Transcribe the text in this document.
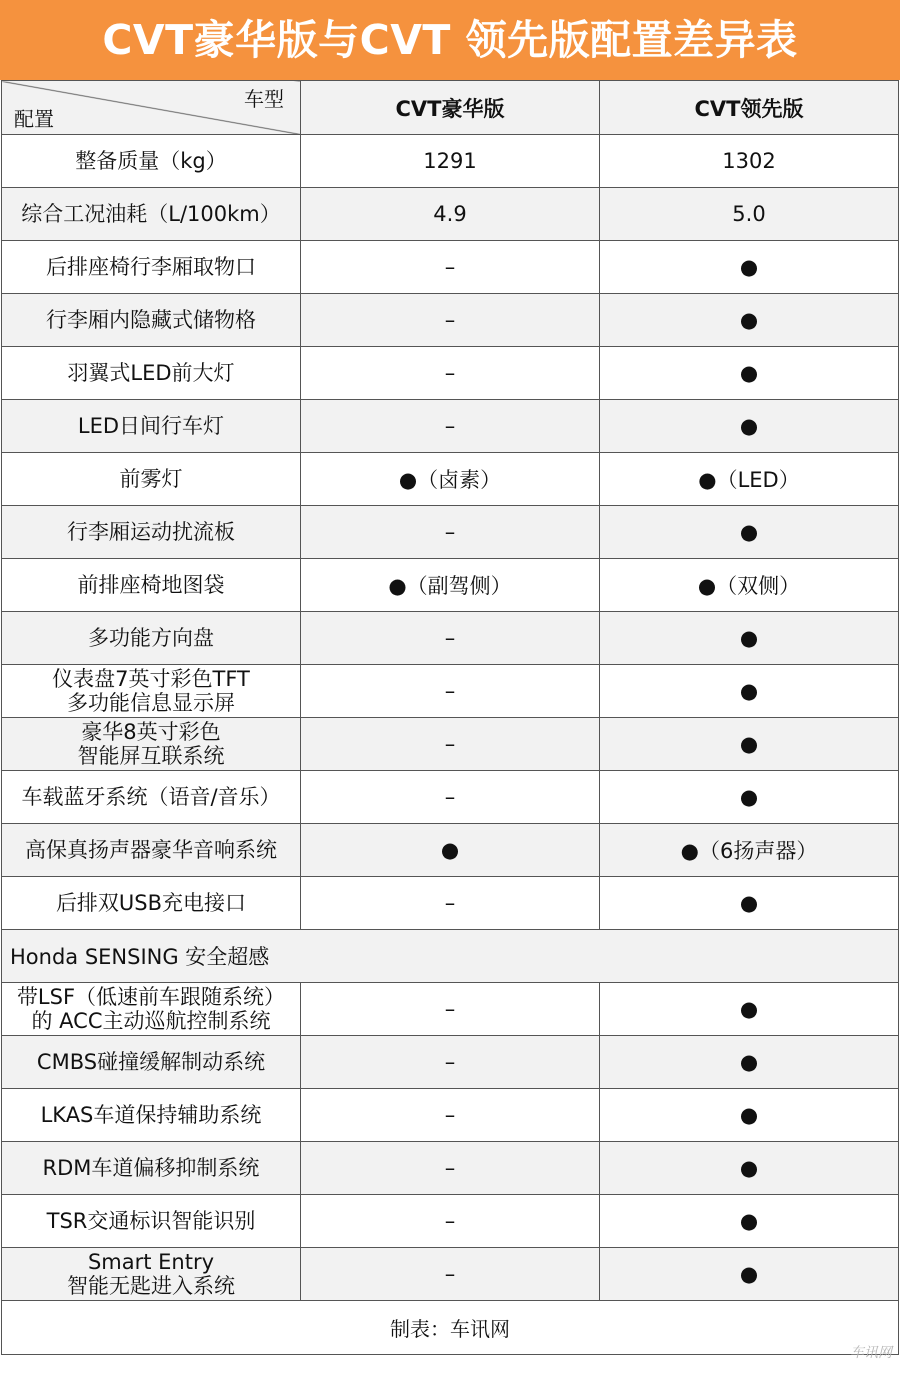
CVT豪华版与CVT 领先版配置差异表
车型
配置	CVT豪华版	CVT领先版
整备质量（kg）	1291	1302
综合工况油耗（L/100km）	4.9	5.0
后排座椅行李厢取物口	–	●
行李厢内隐藏式储物格	–	●
羽翼式LED前大灯	–	●
LED日间行车灯	–	●
前雾灯	●（卤素）	●（LED）
行李厢运动扰流板	–	●
前排座椅地图袋	●（副驾侧）	●（双侧）
多功能方向盘	–	●
仪表盘7英寸彩色TFT
多功能信息显示屏	–	●
豪华8英寸彩色
智能屏互联系统	–	●
车载蓝牙系统（语音/音乐）	–	●
高保真扬声器豪华音响系统	●	●（6扬声器）
后排双USB充电接口	–	●
Honda SENSING 安全超感		
带LSF（低速前车跟随系统）
的 ACC主动巡航控制系统	–	●
CMBS碰撞缓解制动系统	–	●
LKAS车道保持辅助系统	–	●
RDM车道偏移抑制系统	–	●
TSR交通标识智能识别	–	●
Smart Entry
智能无匙进入系统	–	●
制表：车讯网		
车讯网
